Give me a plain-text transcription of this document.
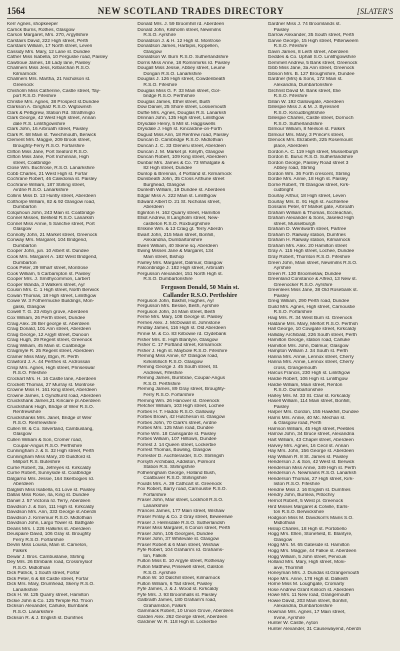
1564	NEW SCOTLAND TRADES DIRECTORY	[SLATER'S
Kerr Agnes, shopkeeper
Carrick Burns, Rothes, Glasgow
Carson Margaret, Mrs. 270, Argyllshire
Carstairs David, 222 High street, Perth
Carstairs William, 17 North street, Leven
Cassidy Mrs. Mary, 12 Lane st. Dundee
Cather Miss Isabella, 10 Ferguslie road, Paisley
Cawtroue James, 18 Lady lane, Paisley
Chalmers Miss Jess, Kilbarchan R.S.O.
Kilmarnock
Chalmers Mrs. Martha, 21 Nicholson st.
Greenock
Chisholm Miss Catherine, Castle street, Tay-
port R.S.O. Fifeshire
Christie Mrs. Agnes, 38 Prospect st.Dundee
Clarkson A. Ginghalz R.S.O. Wigtownsh
Clark & Pettigrew, Station Rd. Strathmiglo
Clark George, 42 West High street, Annan
dale R.S. Linlithgowshire
Clark John, 16 Arbroath street, Paisley
Clark R. 68 Main st. Twechmouth, Berwick
Clement Mrs. Maggie, 209 Brook street,
Broughty-Ferry R.S.O. Forfarshire
Clifton Miss Jane, Port Seaford R.S.O.
Clifton Miss Jane, Port Inchinnan, High
street, Coatbridge
Close Wm. Buchrose, R.S.O. Lanarkshire
Cobb Charles, 21 West High st. Forfar
Cochrane Robert, 46 Caledonia st. Paisley
Cochrane William, 187 Stirling street,
Airdrie R.S.O. Lanarkshire
Collins Miss D. 13 Huntly street, Aberdeen
Colthorpe William, 82 & 92 Glasgow road,
Dumbarton
Colquhoun John, 243 Main st. Coatbridge
Connel Misses, Belifield R.S.O. Lanarksh
Connel Miss Annie, 5 Sanchie street, Port
Glasgow
Connolly John, 21 Market street, Greenock
Conway Mrs. Margaret, 104 Bridgend,
Dumbarton
Cooper John, jun. 10 Albert st. Dundee
Cook Mrs. Margaret A. 182 West Bridgend,
Dumbarton
Cook Peter, 29 Wharf street, Montrose
Cook William, 5 Carbampton st. Paisley
Cooper Mrs. J. Smithycommon, Larbert
Cooper Wanda, 3 Walkers street, Ayr
Cousin Mrs. C. 1 High street, North Berwick
Cowan Thomas, 18 High street, Linlithgow
Cowie W. 3 Fothermucke Buildings, Mon-
gaski, Glasgow
Cowell T. G. 23 Albyn grove, Aberdeen
Cox William, 26 Perth street, Dundee
Craig Alex. 26 Ber george st. Aberdeen
Craig Donald, 101 Ann street, Aberdeen
Craig George, 12 Argyll street, Dunoon
Craig Hugh, 29 Regent street, Greenock
Craig William, 45 Main st. Coatbridge
Craigmyle R. 25 Regent street, Aberdeen
Cramer Miss Mary, Elgin, R. Perth
Crawford J. A. 44 Perthes st. Ardrossan
Crisp Mrs. Agnes, High street, Prinseswar
R.S.O. Fifeshire
Crockart Mrs. H. 16 Castle lane, Aberdeen
Crockett Thomas, 27 Murray st. Montrose
Crowne Miss H. 161 King street, Aberdeen
Crowne James, 1 Gyndhurst road, Aberdeen
Cruickshank James,21 Kincaire pl.Aberdeen
Cruickshank Hugh, Bridge of Weir R.S.O.
Renfrewshire
Cruickshanks Mrs. Janet, Bridge of Weir
R.S.O. Renfrewshire
Cullen W. & Co. Silvertand, Cambuslang,
Glasgow
Cullen William & Son, Cromer road,
Coupar-Angus R.S.O. Perthshire
Cunningham J. & S. 32 High street, Perth
Cunningham Miss Mary, 20 Guildford st.
Millport R.S. Buteshire
Currie Robert, 3a, Jefreyes st. Kirkcaldy
Currie Robert, Sunnyside st. Coatbridge
Dalgarno Mrs. Jessie, 164 Skerbogies rd.
Aberdeen
Dalglish Miss Isabella, 61 Love st. Paisley
Dallas Miss Rosie, 4a, King st. Dundee
Daniel J. 57 Victoria rd. Terry, Aberdeen
Davidson J. & Son, 111 High st. Kirkcaldy
Davidson Mrs. Ann, 333 George st.Aberdn
Davidson J. Kirriemuir R.S.O. Midlothian
Davidson John, Largo Tower st. Bathgate
Deans Mrs. I. 226 Halkirks st. Aberdeen
Deuspaire David, 106 Gray st. Broughty
Ferry R.S.O. Forfarshire
Devlin Miss Louisa, Main st. Camelon,
Falkirk
Dewar J. Bros. Cambuslanie, Stirling
Dey Mrs. 26 Elmbank road, Crossmyloof
R.S.O. Midlothian
Dick Patrick, 1 South street, Forfar
Dick Peter, 6 & 68 Castle street, Forfar
Dick Mrs. Mary, Drumhead, Skeny R.S.O.
Lanarkshire
Dick H. W. 125 Quarry street, Hamilton
Dickie John & Co. 125 Temple Rd. Troon
Dickson Alexander, Carluke, Burnbank
R.S.O. Lanarkshire
Dickson R. & J. English st. Dumfries
Donald Mrs. J. 59 Broomhill rd. Aberdeen
Donald John, Kilsholm street, Newmilns
R.S.O. Ayrshire
Donaldson J. & H. 12 High st. Montrose
Donaldson James, Harbipis, Kippellen,
Glasgow
Donaldson W. Burn R.S.O. Sutherlandshire
Dorris Miss Anne, 18 Romnmirks rd. Paisley
Dougall Miss Jessie, Abbey street, Leuine
Dongan R.S.O. Lanarkshire
Douglas J. 126 High street, Cowdenbeath
R.S.O. Fifeshire
Douglas Miss G. F. 33 Main street, Gor-
bridge R.S.O. Perthshire
Douglas James, Ethel street, Buith
Dow Daniel, 25 Shore street, Lossiemouth
Duffie Mrs. Agnes, Douglas R.S. Lanarksh
Drinnan John, 135 High street, Linlithgow
Drysdale Henry, 5 Mill st. Haggswells
Drysdale J. High st. Kincardine-on-Forth
Duguid Miss Ann, 18 Renfrew road, Paisley
Duncan D. Cambridge R.S.O. Midlothian
Duncan J. C. 33 Gleneru street, Aberdeen
Duncan J. M. Market pl. Kilsyth, Glasgow
Duncan Robert, 109 King street, Aberdeen
Dunbar Mrs. James & Co. 73 Whatgate &
82 High street, Dundee
Dunlop & Brennan, 4 Portland st. Kilmarnock
Dunsbeath John, 35 Cross Arthurie street
Burghead, Glasgow
Dunleith William, 19 Dundee st. Aberdeen
Edgar Miss A. 222 Main st. Linlithgow
Edward Albert D. 21 St. Nicholas street,
Aberdeen
Eglinton H. 162 Quarry street, Hamilton
Elliot Andrew, 8 Langholm street, New-
castleton R.S.O. Roxburghshire
Erskine Wm. & 13 Craig gt. Terry Aberdn
Ewart John, 215 Main street, Bonhill,
Alexandria, Dumbartonshire
Ewen William, 40 Skene sq. Aberdeen
Ewing Misses Jane & Margaret, 134
Main street, Bishop
Fairley Mrs. Margaret, Dalmuir, Glasgow
Falconbridge J. 182 High street, Arbroath
Fergusson Alexander, 151 North High st.
R.S.O. Dumbartonshire
Ferguson Donald, 50 Main st.
Callander R.S.O. Perthshire
Ferguson John, Bakhill, Hughes, Ayr
Fergusson Mrs. Bessie, Beith, Ayrshire
Ferguson John, 24 Main street, Beith
Ferrie Mrs. Mary, 108 George st. Paisley
Ferries Alex. J. McDowall st. Johnstone
Findlay James, 116 High st. Old Aberdeen
Finnie M. & Co. 83 Kilbowie rd. Clydebank
Fisher Mrs. E. High Blantyre, Glasgow
Fisher C. 17 Portland street, Kilmarnock
Fisher J. High st. Maybole R.S.O. Fifeshire
Fleming Miss Annie, 67 Glasgow road,
Kirkintilloch R.S.O. Glasgow
Fleming George J. 45 South street, St.
Andrews, Fifeshire
Fleming James, Burnbrae, Coupar-Angus
R.S.O. Perthshire
Fleming James, 89 Gray street, Broughty-
Ferry R.S.O. Forfarshire
Fleming Wm. 26 Hanover st. Greenock
Fletcher William, 103 High street, Lochee
Forbes H. T. Haddo R.S.O. Galloway
Forbes Brown, 42 Hutcheson st. Glasgow
Forbes John, 70 Clark's street, Airdrie
Forbes Mrs. 125 Main road, Dundee
Forrie Wm. 18 Cainsgarde st. Paisley
Forbes William, 107 Hilltown, Dundee
Forrest J. 14 Queen street, Lockerbie
Forrest Thomas, Bowling, Glasgow
Forrester D. Auchterarder, S.O. Stirlingsh
Forsyth Archibald, Addiston, Polmont
Station R.S. Stirlingshire
Fotheringham George, Holland Bush,
Coatbuver R.S.O. Stirlingshire
Foulds Mrs. A. 39 Cathcart st. Greenock
Fox Robert, Barry road, Carnoustie R.S.O.
Forfarshire
Fraser John, Mair street, Lockholl R.S.O.
Lanarkshire
Frances James, 177 Main street, Wishaw
Fraser Finlay & Co. 2 Gray street, Beweeswe
Fraser J. Helmsdale R.S.O. Sutherlandsh
Fraser Miss Margaret, 6 Conon street, Perth
Fraser John, 105 Georgies, Dundee
Fraser John, 37 Whitevale st. Glasgow
Fraser Robert & 6 Main street, Wishaw
Fyfe Robert, 104 Graham's rd. Grahams-
ton, Falkirk
Fulton Miss E. 10 Argyle street, Rothesay
Fulton Matthew, Prisewell street, Galston
R.S.O. Ayrshire
Fulton W. 10 Dalchill street, Kilmarnock
Fulton William, 6 Tait street, Paisley
Fyfe James, J. & J. Wood st. Kirkcaldy
Fyfe Mrs. J. 93 Broomhalls st. Paisley
Galbraith James, 180 Graham's road,
Grahamston, Falkirk
Gammack Robert, 10 Union Grove, Aberdeen
Garden Alex. 262 George street, Aberdeen
Gardiner W. R. 118 High st. Lockerbie
Gardner Miss J. 74 Broomlands st.
Paisley
Garrow Alexander, 35 South street, Perth
Garvie George, 15 High street, Pittenweem
R.S.O. Fifeshire
Gavin James, 8 Leith street, Aberdeen
Geddes & Co. Uphall S.O. Linlithgowshire
Gemmell Andrew, 5 Bank street, Greenock
Gibb Miss Jane, 3a Ann street, Greenock
Gibson Mrs. B. 127 Broughshire, Dundee
Gardner (Mrs) & Sons, 172 Main st.
Alexandria, Dumbartonshire
Gilchrist David M. Bank street, Elie
R.S.O. Fifeshire
Gillan W. 192 Gallowgate, Aberdeen
Gillespie Miss J. & M. J. Byresnell
R.S.O. Kircudbrightshire
Gillespie Charles, Castle street, Dornoch
R.S.O. Sutherlandshire
Gilmour William, 8 Neilson st. Falkirk
Gilmour Mrs. Mary, 3 Prince's street,
Glenock Mrs. Elizabeth, 225 Rosemount
place, Aberdeen
Gordon A. C. 119 High street, Musselburgh
Gordon E. Buruc R.S.O. Sutherlandshire
Gordon George, Paisley Road street 3
Abbey road, Stirling
Gordon Wm. 36 Forth crescent, Stirling
Gordie Mrs. Annie, 18 High st. Paisley
Gorrie Robert, 78 Glasgow street, Kirk-
cudbright
Gourlay Arthur, 18 High street, Leven
Gourlay Mrs. E. 91 High st. Auchterlee
Gossans Peter, 67 Market gate, Arbroath
Graham William & Thomas, Eccleachan,
Graham Alexander & Sons, Jaseled High
street, Musselburgh
Graham D. Wentworth street, Partree
Graham D. Railway station, Dumfries
Graham H. Railway station, Kilmarnock
Graham Mrs. Alex. 20 Hamilton street
Gray A. 115 High street, Lochee, Dundee
Gray Robert, Thornton R.S.O. Fifeshire
Green John, Main street, Newmilns R.S.O.
Ayrshire
Green R. 130 Broomielaw, Dundee
Greenland Constance & Alfred, 13 New st.
Greenocker R.S.O. Ayrshire
Greenlees Miss Jane, 38 Old Rosebank st.
Paisley
Greig William, 290 Perth road, Dundee
Guild Mrs. Agnes, High street, Carnoustie
R.S.O. Forfarshire
Haig Mrs. R. 34 West Burn st. Greenock
Haldane Mrs. Mary, Melfort R.S.O. Perthsh
Hall George, 10 Cowgate street, Kirkcaldy
Halliday Archibald, 226 South street, Perth
Hamilton George, station road, Carluke
Hamilton Mrs. John, Dalmuir, Glasgow
Hampton William J. 34 South st. Perth
Hanna Mrs. Annie, Lennox street, Cherry
Hanna Mrs. Annie, Lennox street, Cherry
cross, Grangemouth
Harcus Francis, 230 High st. Linlithgow
Hardie Robert, 106 High st. Linlithgow
Hardie William, Main street, Renton
R.S.O. Dumbartonshire
Harley Mrs. M. 33 St. Clair st. Kirkcaldy
Hasell William, 114 Main street, Bonhill,
Paisley
Harper Mrs. Gordon, 155 Hawkhill, Dundee
Harris Mrs. Annie, 40 Mc. Mechan st.
& Glasgow road, Perth
Harrison William, 45 High street, Peebles
Harrow John, 34 Bruce street, Alexandria
Hart William, 43 Chapel street, Aberdeen
Harvey Mrs. Agnes, 16 Cecil st. Annan
Hay Mrs. John, 156 George st. Aberdeen
Hay William R. 8 St. James st. Paisley
Henderson J. & Son, 42 West st. Berwick
Henderson Miss Annie, 349 High st. Perth
Henderson A. Newmains R.S.O. Lanarksh
Henderson Thomas, 27 High street, Kirk-
liston R.S.O. Fifeshire
Hendrie Miss J. 16 English st. Dumfries
Hendry John, Burnlea, Pitlochry
Herriot Robert, 5 West pl. Greenock
Hird Misses Margaret & Colville, Earls-
ton R.S.O. Berwickshire
Hodgson Miss M. Davidson's Mains S.O.
Midlothian
Hislop Charles, 18 High st. Portobello
Hogg Mrs. Ellen, Stonefield, E. Blantyre,
Glasgow
Hogg Mrs. M. 65 Gateside st. Hamilton
Hogg Mrs. Maggie, 44 Falkie st. Aberdeen
Hogg William, 5 John street, Penicuik
Holland Mrs. Mary, High street, Moni-
aive, Thornhill
Honeyman Mrs. J. Dundas st.Grangemouth
Hope Mrs. Anne, 178 High st. Dalkeith
Horne Miss M. Loughgate, Cromarty
Hose Andrew Grant Kinloch st. Aberdeen
Howe Mrs. 11 New road, Grangemouth
Howie David, 203 Main street, Bonhill,
Alexandria, Dumbartonshire
Howman Mrs. Agnes, 17 Main street,
Irvine, Ayrshire
Hunter W. Castle, Ayton
Hunter Alexander, 31 Causewayend, Aberdn
